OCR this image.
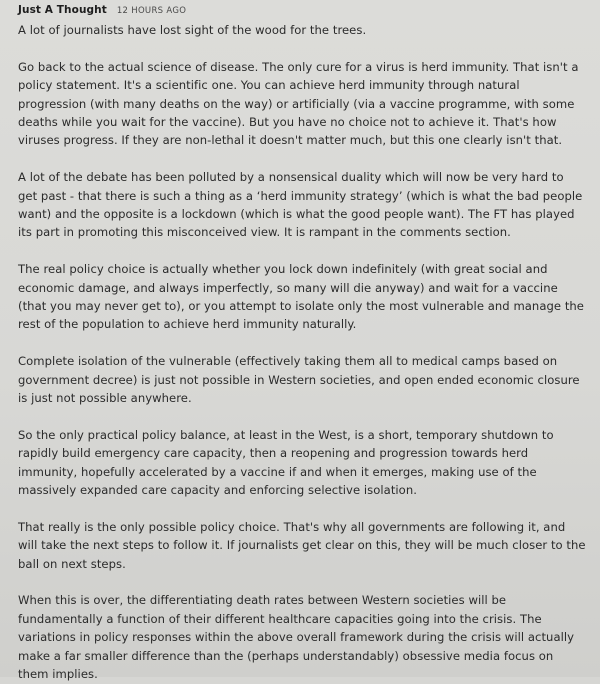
Just A Thought 12 HOURS AGO

A lot of journalists have lost sight of the wood for the trees.

Go back to the actual science of disease. The only cure for a virus is herd immunity. That isn't a policy statement. It's a scientific one. You can achieve herd immunity through natural progression (with many deaths on the way) or artificially (via a vaccine programme, with some deaths while you wait for the vaccine). But you have no choice not to achieve it. That's how viruses progress. If they are non-lethal it doesn't matter much, but this one clearly isn't that.

A lot of the debate has been polluted by a nonsensical duality which will now be very hard to get past - that there is such a thing as a ‘herd immunity strategy’ (which is what the bad people want) and the opposite is a lockdown (which is what the good people want). The FT has played its part in promoting this misconceived view. It is rampant in the comments section.

The real policy choice is actually whether you lock down indefinitely (with great social and economic damage, and always imperfectly, so many will die anyway) and wait for a vaccine (that you may never get to), or you attempt to isolate only the most vulnerable and manage the rest of the population to achieve herd immunity naturally.

Complete isolation of the vulnerable (effectively taking them all to medical camps based on government decree) is just not possible in Western societies, and open ended economic closure is just not possible anywhere.

So the only practical policy balance, at least in the West, is a short, temporary shutdown to rapidly build emergency care capacity, then a reopening and progression towards herd immunity, hopefully accelerated by a vaccine if and when it emerges, making use of the massively expanded care capacity and enforcing selective isolation.

That really is the only possible policy choice. That's why all governments are following it, and will take the next steps to follow it. If journalists get clear on this, they will be much closer to the ball on next steps.

When this is over, the differentiating death rates between Western societies will be fundamentally a function of their different healthcare capacities going into the crisis. The variations in policy responses within the above overall framework during the crisis will actually make a far smaller difference than the (perhaps understandably) obsessive media focus on them implies.
